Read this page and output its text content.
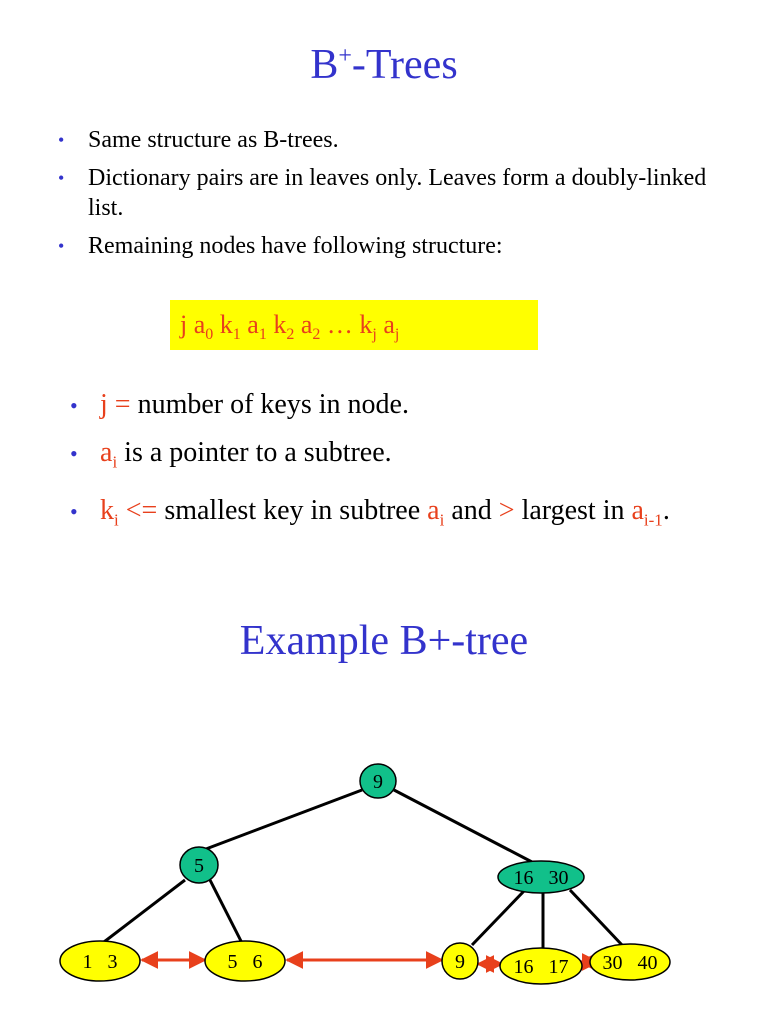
B+-Trees
• Same structure as B-trees.
• Dictionary pairs are in leaves only. Leaves form a doubly-linked list.
• Remaining nodes have following structure:
j $a_0$ $k_1$ $a_1$ $k_2$ $a_2$ … $k_j$ $a_j$
• j = number of keys in node.
• $a_i$ is a pointer to a subtree.
• $k_i$ <= smallest key in subtree $a_i$ and > largest in $a_{i-1}$.
Example B+-tree
9
5
16   30
1   3	5   6	9 16   17 30   40
